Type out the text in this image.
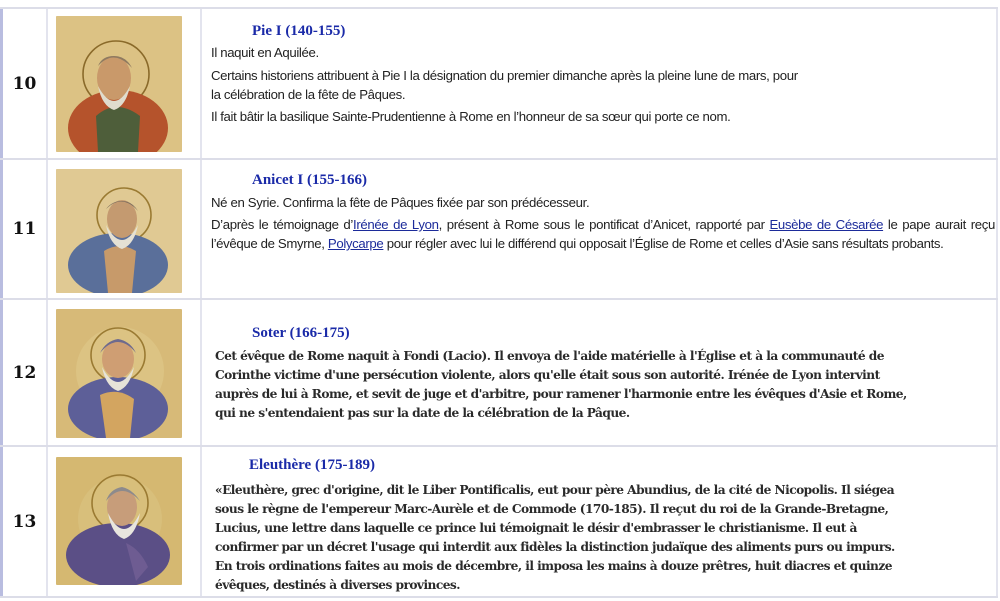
10
Pie I (140-155)
Il naquit en Aquilée.
Certains historiens attribuent à Pie I la désignation du premier dimanche après la pleine lune de mars, pour
la célébration de la fête de Pâques.
Il fait bâtir la basilique Sainte-Prudentienne à Rome en l’honneur de sa sœur qui porte ce nom.
11
Anicet I (155-166)
Né en Syrie. Confirma la fête de Pâques fixée par son prédécesseur.
D’après le témoignage d’Irénée de Lyon, présent à Rome sous le pontificat d’Anicet, rapporté par Eusèbe de Césarée le pape aurait reçu l’évêque de Smyrne, Polycarpe pour régler avec lui le différend qui opposait l’Église de Rome et celles d’Asie sans résultats probants.
12
Soter (166-175)
Cet évêque de Rome naquit à Fondi (Lacio). Il envoya de l'aide matérielle à l'Église et à la communauté de
Corinthe victime d'une persécution violente, alors qu'elle était sous son autorité. Irénée de Lyon intervint
auprès de lui à Rome, et sevit de juge et d'arbitre, pour ramener l'harmonie entre les évêques d'Asie et Rome,
qui ne s'entendaient pas sur la date de la célébration de la Pâque.
13
Eleuthère (175-189)
«Eleuthère, grec d'origine, dit le Liber Pontificalis, eut pour père Abundius, de la cité de Nicopolis. Il siégea
sous le règne de l'empereur Marc-Aurèle et de Commode (170-185). Il reçut du roi de la Grande-Bretagne,
Lucius, une lettre dans laquelle ce prince lui témoignait le désir d'embrasser le christianisme. Il eut à
confirmer par un décret l'usage qui interdit aux fidèles la distinction judaïque des aliments purs ou impurs.
En trois ordinations faites au mois de décembre, il imposa les mains à douze prêtres, huit diacres et quinze
évêques, destinés à diverses provinces.
